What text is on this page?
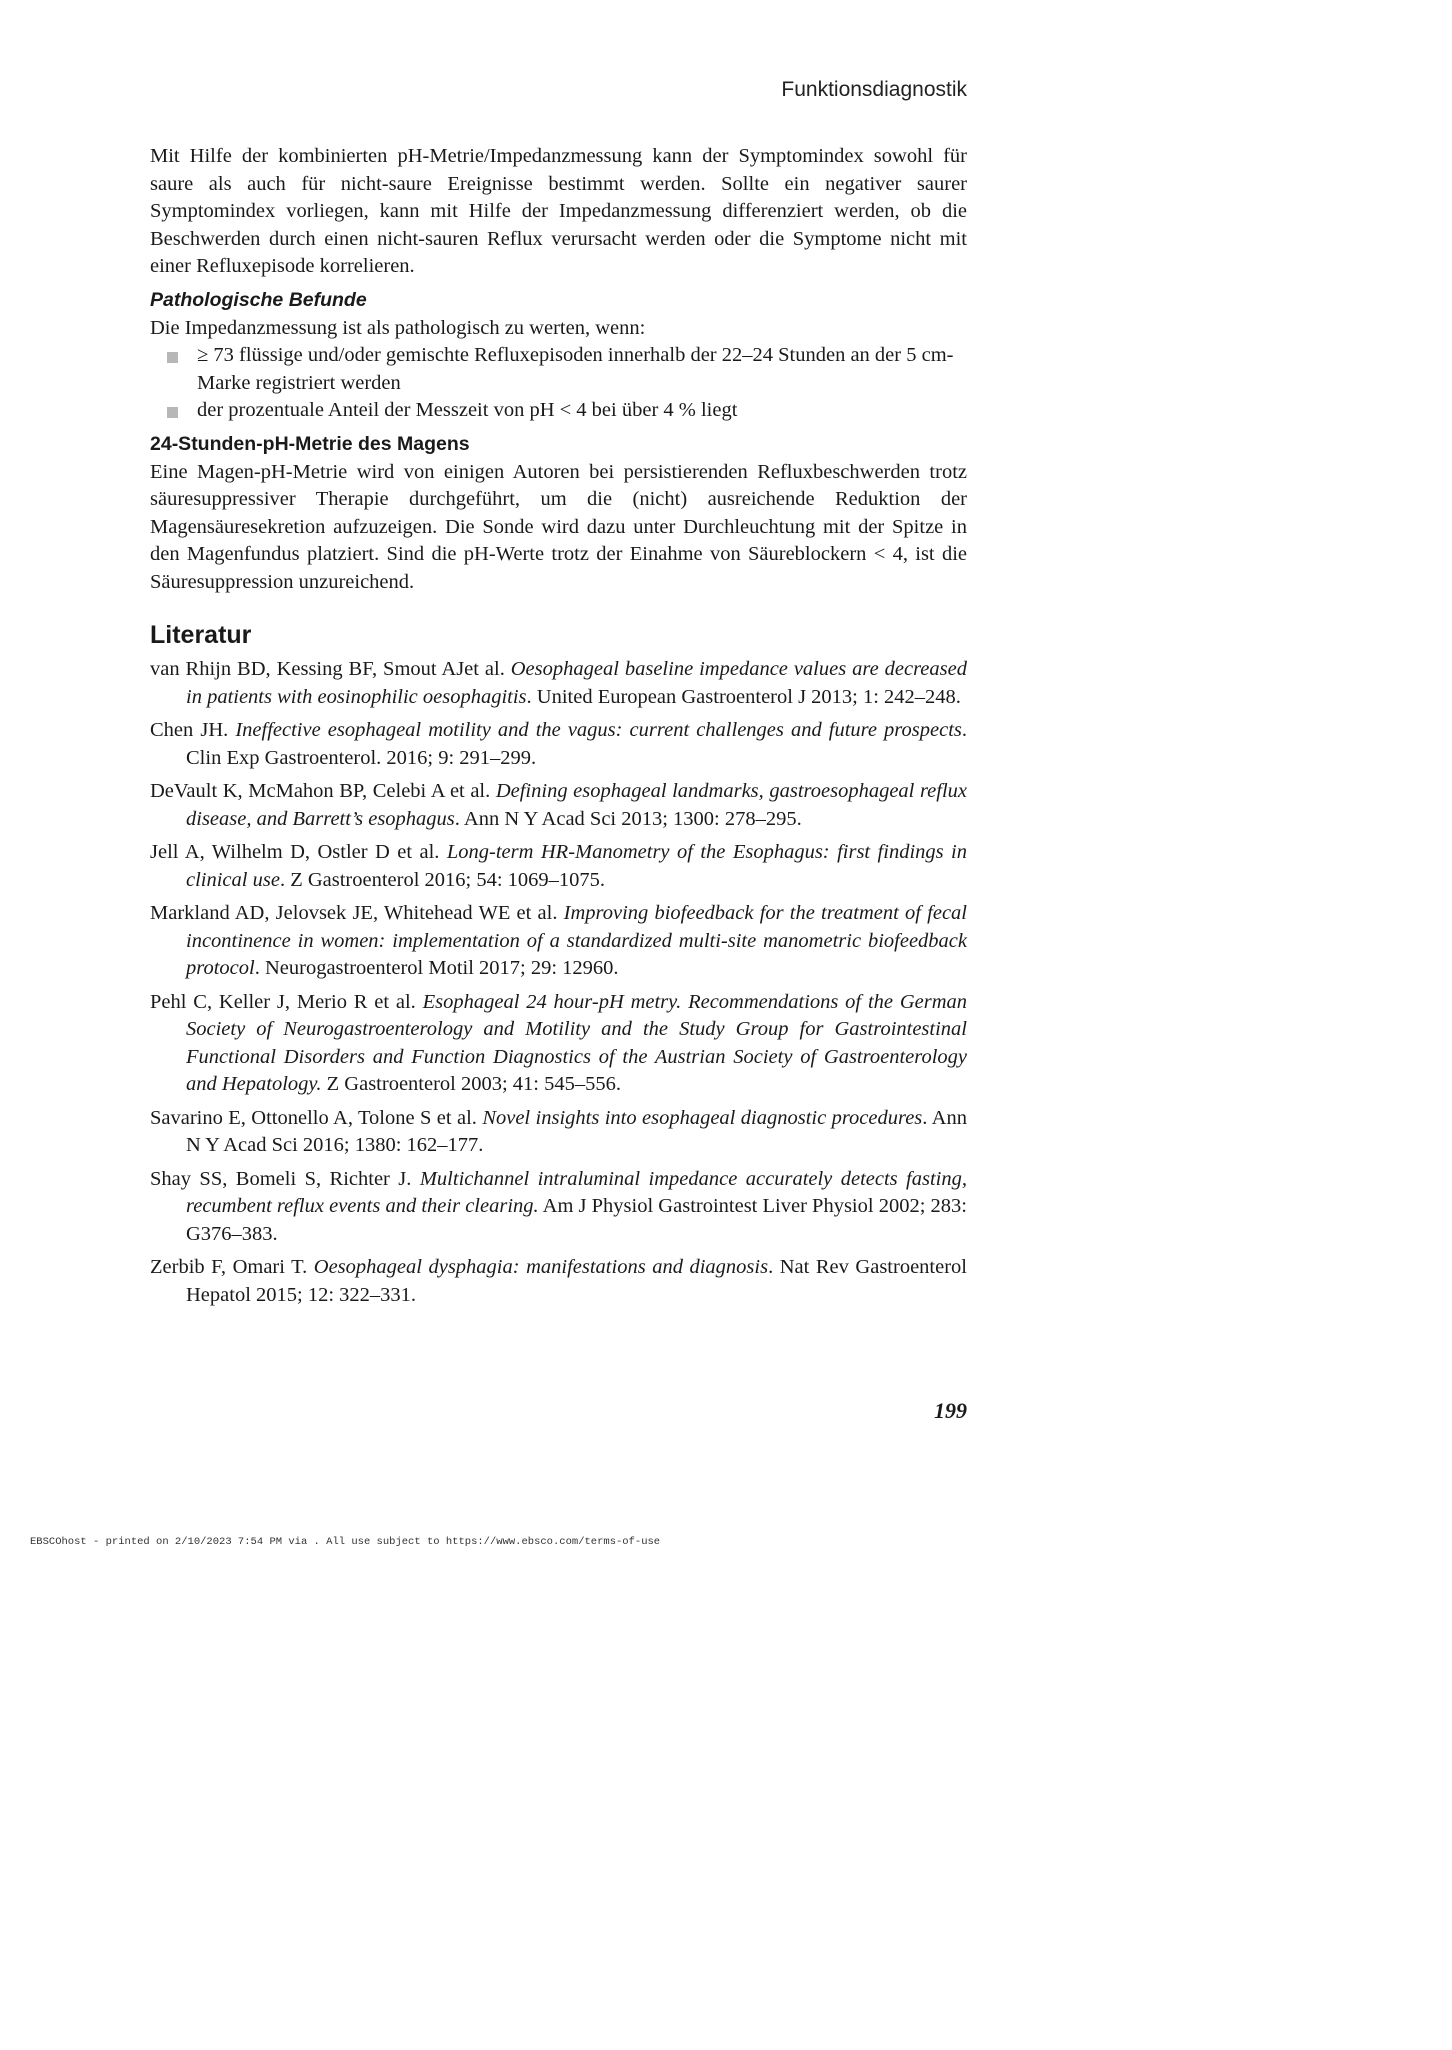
Funktionsdiagnostik

Mit Hilfe der kombinierten pH-Metrie/Impedanzmessung kann der Symptomindex sowohl für saure als auch für nicht-saure Ereignisse bestimmt werden. Sollte ein negativer saurer Symptomindex vorliegen, kann mit Hilfe der Impedanzmessung differenziert werden, ob die Beschwerden durch einen nicht-sauren Reflux verursacht werden oder die Symptome nicht mit einer Refluxepisode korrelieren.

Pathologische Befunde

Die Impedanzmessung ist als pathologisch zu werten, wenn:

≥ 73 flüssige und/oder gemischte Refluxepisoden innerhalb der 22–24 Stunden an der 5 cm-Marke registriert werden
der prozentuale Anteil der Messzeit von pH < 4 bei über 4 % liegt
24-Stunden-pH-Metrie des Magens

Eine Magen-pH-Metrie wird von einigen Autoren bei persistierenden Refluxbeschwerden trotz säuresuppressiver Therapie durchgeführt, um die (nicht) ausreichende Reduktion der Magensäuresekretion aufzuzeigen. Die Sonde wird dazu unter Durchleuchtung mit der Spitze in den Magenfundus platziert. Sind die pH-Werte trotz der Einahme von Säureblockern < 4, ist die Säuresuppression unzureichend.

Literatur

van Rhijn BD, Kessing BF, Smout AJet al. Oesophageal baseline impedance values are decreased in patients with eosinophilic oesophagitis. United European Gastroenterol J 2013; 1: 242–248.

Chen JH. Ineffective esophageal motility and the vagus: current challenges and future prospects. Clin Exp Gastroenterol. 2016; 9: 291–299.

DeVault K, McMahon BP, Celebi A et al. Defining esophageal landmarks, gastroesophageal reflux disease, and Barrett’s esophagus. Ann N Y Acad Sci 2013; 1300: 278–295.

Jell A, Wilhelm D, Ostler D et al. Long-term HR-Manometry of the Esophagus: first findings in clinical use. Z Gastroenterol 2016; 54: 1069–1075.

Markland AD, Jelovsek JE, Whitehead WE et al. Improving biofeedback for the treatment of fecal incontinence in women: implementation of a standardized multi-site manometric biofeedback protocol. Neurogastroenterol Motil 2017; 29: 12960.

Pehl C, Keller J, Merio R et al. Esophageal 24 hour-pH metry. Recommendations of the German Society of Neurogastroenterology and Motility and the Study Group for Gastrointestinal Functional Disorders and Function Diagnostics of the Austrian Society of Gastroenterology and Hepatology. Z Gastroenterol 2003; 41: 545–556.

Savarino E, Ottonello A, Tolone S et al. Novel insights into esophageal diagnostic procedures. Ann N Y Acad Sci 2016; 1380: 162–177.

Shay SS, Bomeli S, Richter J. Multichannel intraluminal impedance accurately detects fasting, recumbent reflux events and their clearing. Am J Physiol Gastrointest Liver Physiol 2002; 283: G376–383.

Zerbib F, Omari T. Oesophageal dysphagia: manifestations and diagnosis. Nat Rev Gastroenterol Hepatol 2015; 12: 322–331.

199
EBSCOhost - printed on 2/10/2023 7:54 PM via . All use subject to https://www.ebsco.com/terms-of-use
